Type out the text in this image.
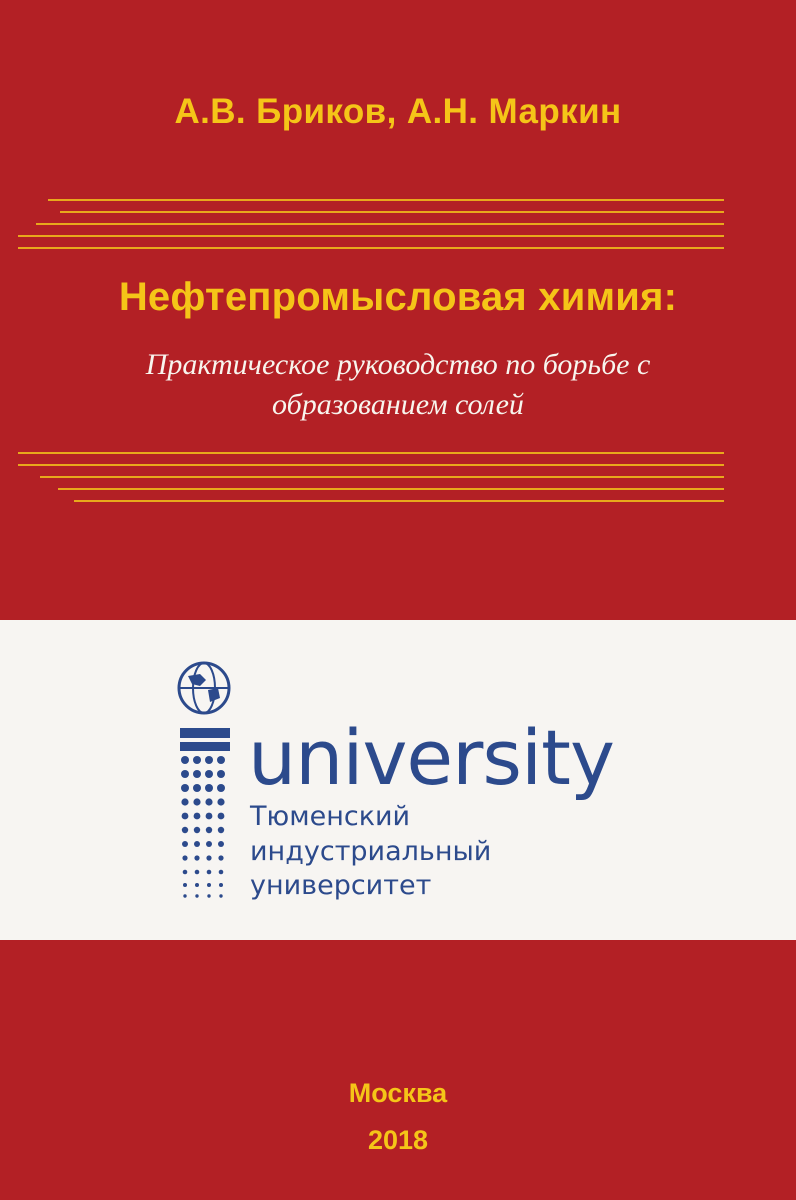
А.В. Бриков, А.Н. Маркин
Нефтепромысловая химия:
Практическое руководство по борьбе с
образованием солей
university
Тюменский
индустриальный
университет
Москва
2018
